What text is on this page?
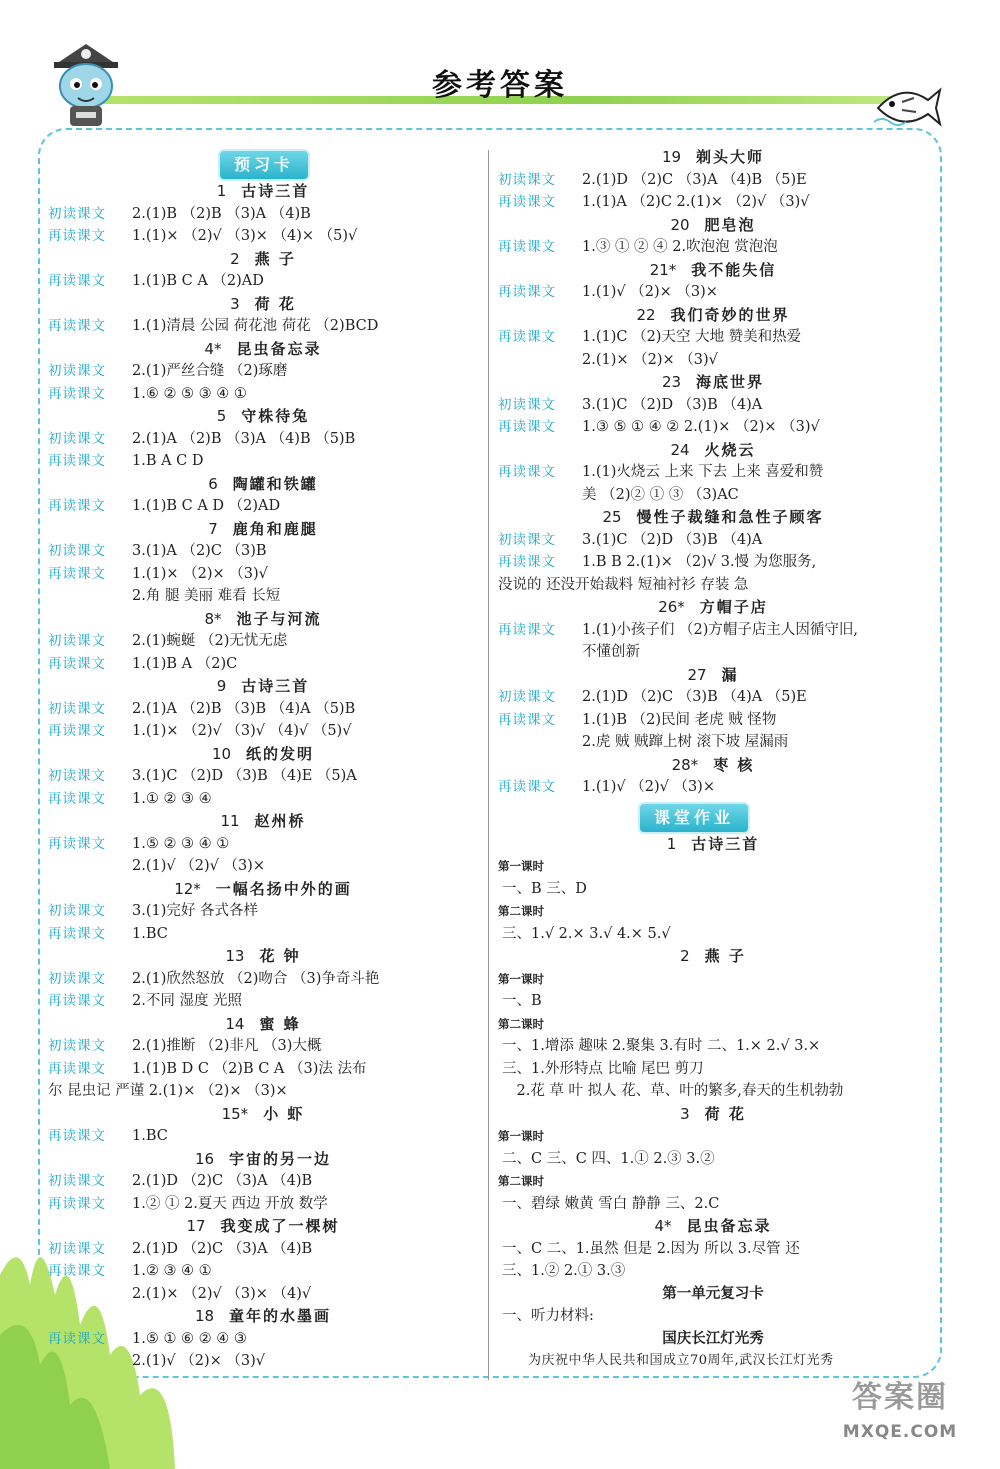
参考答案
预习卡
1　 古诗三首
初读课文 2.(1)B （2)B （3)A （4)B
再读课文 1.(1)× （2)√ （3)× （4)× （5)√
2　 燕 子
再读课文 1.(1)B C A （2)AD
3　 荷 花
再读课文 1.(1)清晨 公园 荷花池 荷花 （2)BCD
4*　 昆虫备忘录
初读课文 2.(1)严丝合缝 （2)琢磨
再读课文 1.⑥ ② ⑤ ③ ④ ①
5　 守株待兔
初读课文 2.(1)A （2)B （3)A （4)B （5)B
再读课文 1.B A C D
6　 陶罐和铁罐
再读课文 1.(1)B C A D （2)AD
7　 鹿角和鹿腿
初读课文 3.(1)A （2)C （3)B
再读课文 1.(1)× （2)× （3)√
2.角 腿 美丽 难看 长短
8*　 池子与河流
初读课文 2.(1)蜿蜒 （2)无忧无虑
再读课文 1.(1)B A （2)C
9　 古诗三首
初读课文 2.(1)A （2)B （3)B （4)A （5)B
再读课文 1.(1)× （2)√ （3)√ （4)√ （5)√
10　 纸的发明
初读课文 3.(1)C （2)D （3)B （4)E （5)A
再读课文 1.① ② ③ ④
11　 赵州桥
再读课文 1.⑤ ② ③ ④ ①
2.(1)√ （2)√ （3)×
12*　 一幅名扬中外的画
初读课文 3.(1)完好 各式各样
再读课文 1.BC
13　 花 钟
初读课文 2.(1)欣然怒放 （2)吻合 （3)争奇斗艳
再读课文 2.不同 湿度 光照
14　 蜜 蜂
初读课文 2.(1)推断 （2)非凡 （3)大概
再读课文 1.(1)B D C （2)B C A （3)法 法布
尔 昆虫记 严谨 2.(1)× （2)× （3)×
15*　 小 虾
再读课文 1.BC
16　 宇宙的另一边
初读课文 2.(1)D （2)C （3)A （4)B
再读课文 1.② ① 2.夏天 西边 开放 数学
17　 我变成了一棵树
初读课文 2.(1)D （2)C （3)A （4)B
再读课文 1.② ③ ④ ①
2.(1)× （2)√ （3)× （4)√
18　 童年的水墨画
再读课文 1.⑤ ① ⑥ ② ④ ③
2.(1)√ （2)× （3)√
19　 剃头大师
初读课文 2.(1)D （2)C （3)A （4)B （5)E
再读课文 1.(1)A （2)C 2.(1)× （2)√ （3)√
20　 肥皂泡
再读课文 1.③ ① ② ④ 2.吹泡泡 赏泡泡
21*　 我不能失信
再读课文 1.(1)√ （2)× （3)×
22　 我们奇妙的世界
再读课文 1.(1)C （2)天空 大地 赞美和热爱
2.(1)× （2)× （3)√
23　 海底世界
初读课文 3.(1)C （2)D （3)B （4)A
再读课文 1.③ ⑤ ① ④ ② 2.(1)× （2)× （3)√
24　 火烧云
再读课文 1.(1)火烧云 上来 下去 上来 喜爱和赞
美 （2)② ① ③ （3)AC
25　 慢性子裁缝和急性子顾客
初读课文 3.(1)C （2)D （3)B （4)A
再读课文 1.B B 2.(1)× （2)√ 3.慢 为您服务,
没说的 还没开始裁料 短袖衬衫 存装 急
26*　 方帽子店
再读课文 1.(1)小孩子们 （2)方帽子店主人因循守旧,
不懂创新
27　 漏
初读课文 2.(1)D （2)C （3)B （4)A （5)E
再读课文 1.(1)B （2)民间 老虎 贼 怪物
2.虎 贼 贼蹿上树 滚下坡 屋漏雨
28*　 枣 核
再读课文 1.(1)√ （2)√ （3)×
课堂作业
1　 古诗三首
第一课时
一、B 三、D
第二课时
三、1.√ 2.× 3.√ 4.× 5.√
2　 燕 子
第一课时
一、B
第二课时
一、1.增添 趣味 2.聚集 3.有时 二、1.× 2.√ 3.×
三、1.外形特点 比喻 尾巴 剪刀
　2.花 草 叶 拟人 花、草、叶的繁多,春天的生机勃勃
3　 荷 花
第一课时
二、C 三、C 四、1.① 2.③ 3.②
第二课时
一、碧绿 嫩黄 雪白 静静 三、2.C
4*　 昆虫备忘录
一、C 二、1.虽然 但是 2.因为 所以 3.尽管 还
三、1.② 2.① 3.③
第一单元复习卡
一、听力材料:
国庆长江灯光秀
为庆祝中华人民共和国成立70周年,武汉长江灯光秀
答案圈
MXQE.COM
